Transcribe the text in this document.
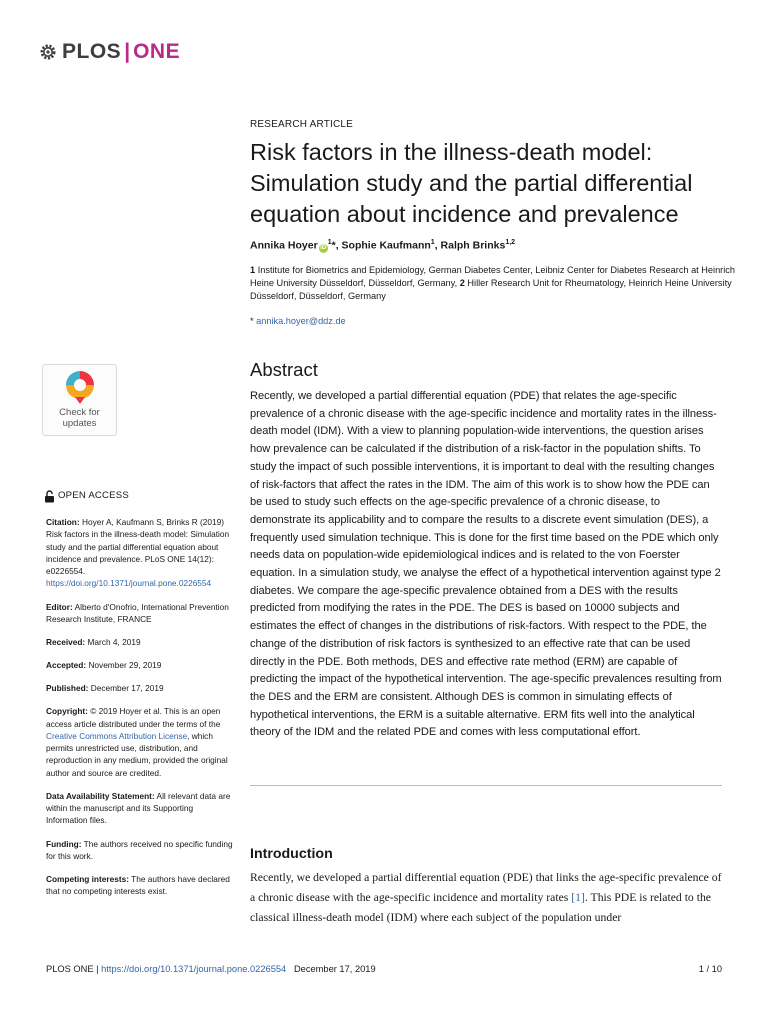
PLOS | ONE
RESEARCH ARTICLE
Risk factors in the illness-death model: Simulation study and the partial differential equation about incidence and prevalence
Annika Hoyer $iD^1*$, Sophie Kaufmann$^1$, Ralph Brinks$^{1,2}$
1 Institute for Biometrics and Epidemiology, German Diabetes Center, Leibniz Center for Diabetes Research at Heinrich Heine University Düsseldorf, Düsseldorf, Germany, 2 Hiller Research Unit for Rheumatology, Heinrich Heine University Düsseldorf, Düsseldorf, Germany
* annika.hoyer@ddz.de
Abstract
Recently, we developed a partial differential equation (PDE) that relates the age-specific prevalence of a chronic disease with the age-specific incidence and mortality rates in the illness-death model (IDM). With a view to planning population-wide interventions, the question arises how prevalence can be calculated if the distribution of a risk-factor in the population shifts. To study the impact of such possible interventions, it is important to deal with the resulting changes of risk-factors that affect the rates in the IDM. The aim of this work is to show how the PDE can be used to study such effects on the age-specific prevalence of a chronic disease, to demonstrate its applicability and to compare the results to a discrete event simulation (DES), a frequently used simulation technique. This is done for the first time based on the PDE which only needs data on population-wide epidemiological indices and is related to the von Foerster equation. In a simulation study, we analyse the effect of a hypothetical intervention against type 2 diabetes. We compare the age-specific prevalence obtained from a DES with the results predicted from modifying the rates in the PDE. The DES is based on 10000 subjects and estimates the effect of changes in the distributions of risk-factors. With respect to the PDE, the change of the distribution of risk factors is synthesized to an effective rate that can be used directly in the PDE. Both methods, DES and effective rate method (ERM) are capable of predicting the impact of the hypothetical intervention. The age-specific prevalences resulting from the DES and the ERM are consistent. Although DES is common in simulating effects of hypothetical interventions, the ERM is a suitable alternative. ERM fits well into the analytical theory of the IDM and the related PDE and comes with less computational effort.
Introduction
Recently, we developed a partial differential equation (PDE) that links the age-specific prevalence of a chronic disease with the age-specific incidence and mortality rates [1]. This PDE is related to the classical illness-death model (IDM) where each subject of the population under
Check for
updates
OPEN ACCESS

Citation: Hoyer A, Kaufmann S, Brinks R (2019) Risk factors in the illness-death model: Simulation study and the partial differential equation about incidence and prevalence. PLoS ONE 14(12): e0226554. https://doi.org/10.1371/journal.pone.0226554

Editor: Alberto d'Onofrio, International Prevention Research Institute, FRANCE

Received: March 4, 2019

Accepted: November 29, 2019

Published: December 17, 2019

Copyright: © 2019 Hoyer et al. This is an open access article distributed under the terms of the Creative Commons Attribution License, which permits unrestricted use, distribution, and reproduction in any medium, provided the original author and source are credited.

Data Availability Statement: All relevant data are within the manuscript and its Supporting Information files.

Funding: The authors received no specific funding for this work.

Competing interests: The authors have declared that no competing interests exist.

PLOS ONE | https://doi.org/10.1371/journal.pone.0226554 December 17, 2019	1 / 10
